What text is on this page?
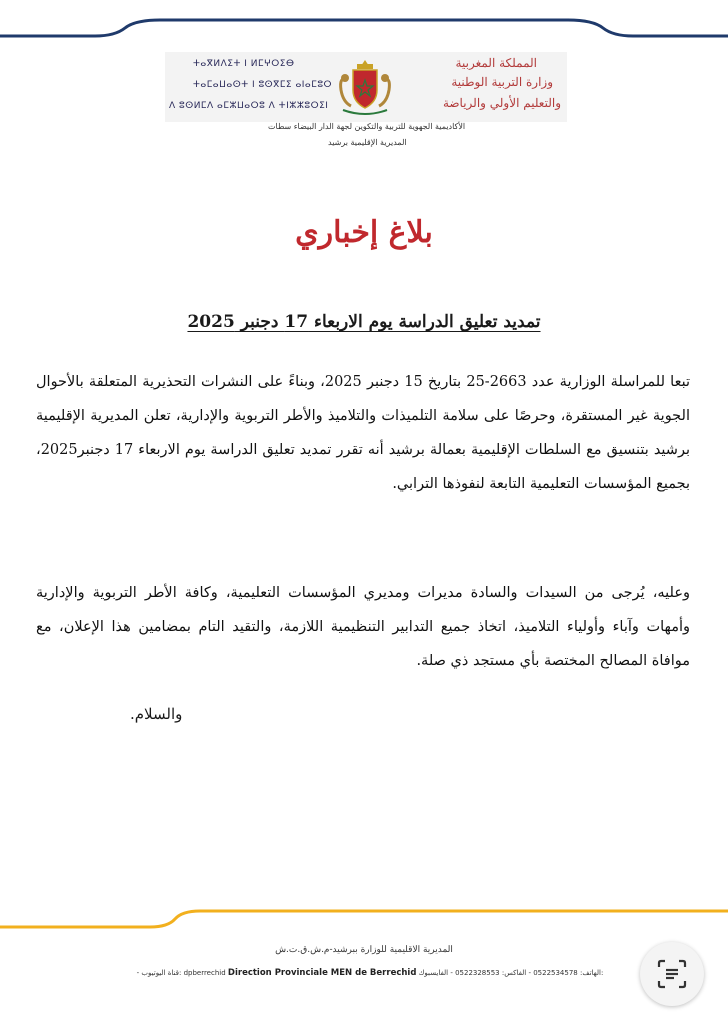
ⵜⴰⴳⵍⴷⵉⵜ ⵏ ⵍⵎⵖⵔⵉⴱ
ⵜⴰⵎⴰⵡⴰⵙⵜ ⵏ ⵓⵙⴳⵎⵉ ⴰⵏⴰⵎⵓⵔ
ⴷ ⵓⵙⵍⵎⴷ ⴰⵎⵣⵡⴰⵔⵓ ⴷ ⵜⵏⵣⵣⵓⵔⵉⵏ
المملكة المغربية
وزارة التربية الوطنية
والتعليم الأولي والرياضة
الأكاديمية الجهوية للتربية والتكوين لجهة الدار البيضاء سطات
المديرية الإقليمية برشيد
بلاغ إخباري
تمديد تعليق الدراسة يوم الاربعاء 17 دجنبر 2025
تبعا للمراسلة الوزارية عدد 2663-25 بتاريخ 15 دجنبر 2025، وبناءً على النشرات التحذيرية المتعلقة بالأحوال الجوية غير المستقرة، وحرصًا على سلامة التلميذات والتلاميذ والأطر التربوية والإدارية، تعلن المديرية الإقليمية برشيد بتنسيق مع السلطات الإقليمية بعمالة برشيد أنه تقرر تمديد تعليق الدراسة يوم الاربعاء 17 دجنبر2025، بجميع المؤسسات التعليمية التابعة لنفوذها الترابي.
وعليه، يُرجى من السيدات والسادة مديرات ومديري المؤسسات التعليمية، وكافة الأطر التربوية والإدارية وأمهات وآباء وأولياء التلاميذ، اتخاذ جميع التدابير التنظيمية اللازمة، والتقيد التام بمضامين هذا الإعلان، مع موافاة المصالح المختصة بأي مستجد ذي صلة.
والسلام.
المديرية الاقليمية للوزارة ببرشيد-م.ش.ق.ت.ش
- قناة اليوتيوب: dpberrechid Direction Provinciale MEN de Berrechid الهاتف: 0522534578 - الفاكس: 0522328553 - الفايسبوك:
